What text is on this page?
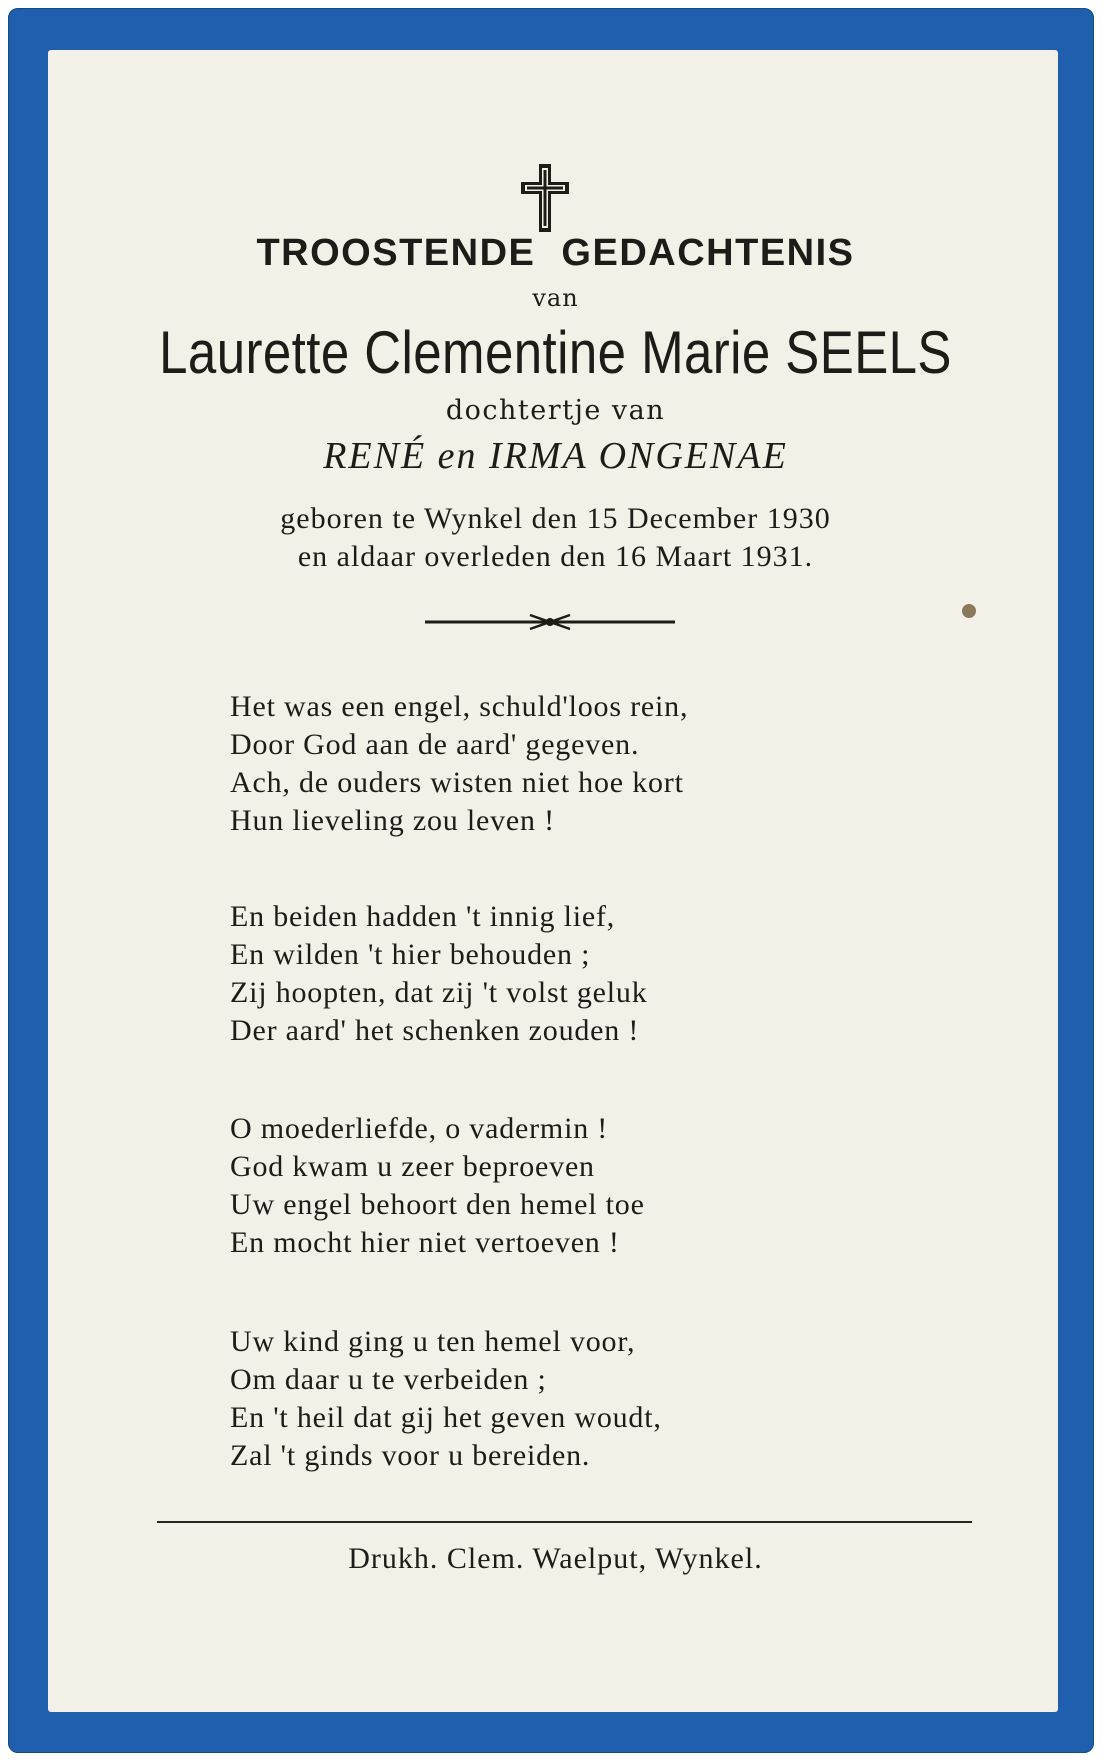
TROOSTENDE GEDACHTENIS
van
Laurette Clementine Marie SEELS
dochtertje van
RENÉ en IRMA ONGENAE
geboren te Wynkel den 15 December 1930
en aldaar overleden den 16 Maart 1931.
Het was een engel, schuld'loos rein,
Door God aan de aard' gegeven.
Ach, de ouders wisten niet hoe kort
Hun lieveling zou leven !
En beiden hadden 't innig lief,
En wilden 't hier behouden ;
Zij hoopten, dat zij 't volst geluk
Der aard' het schenken zouden !
O moederliefde, o vadermin !
God kwam u zeer beproeven
Uw engel behoort den hemel toe
En mocht hier niet vertoeven !
Uw kind ging u ten hemel voor,
Om daar u te verbeiden ;
En 't heil dat gij het geven woudt,
Zal 't ginds voor u bereiden.
Drukh. Clem. Waelput, Wynkel.
